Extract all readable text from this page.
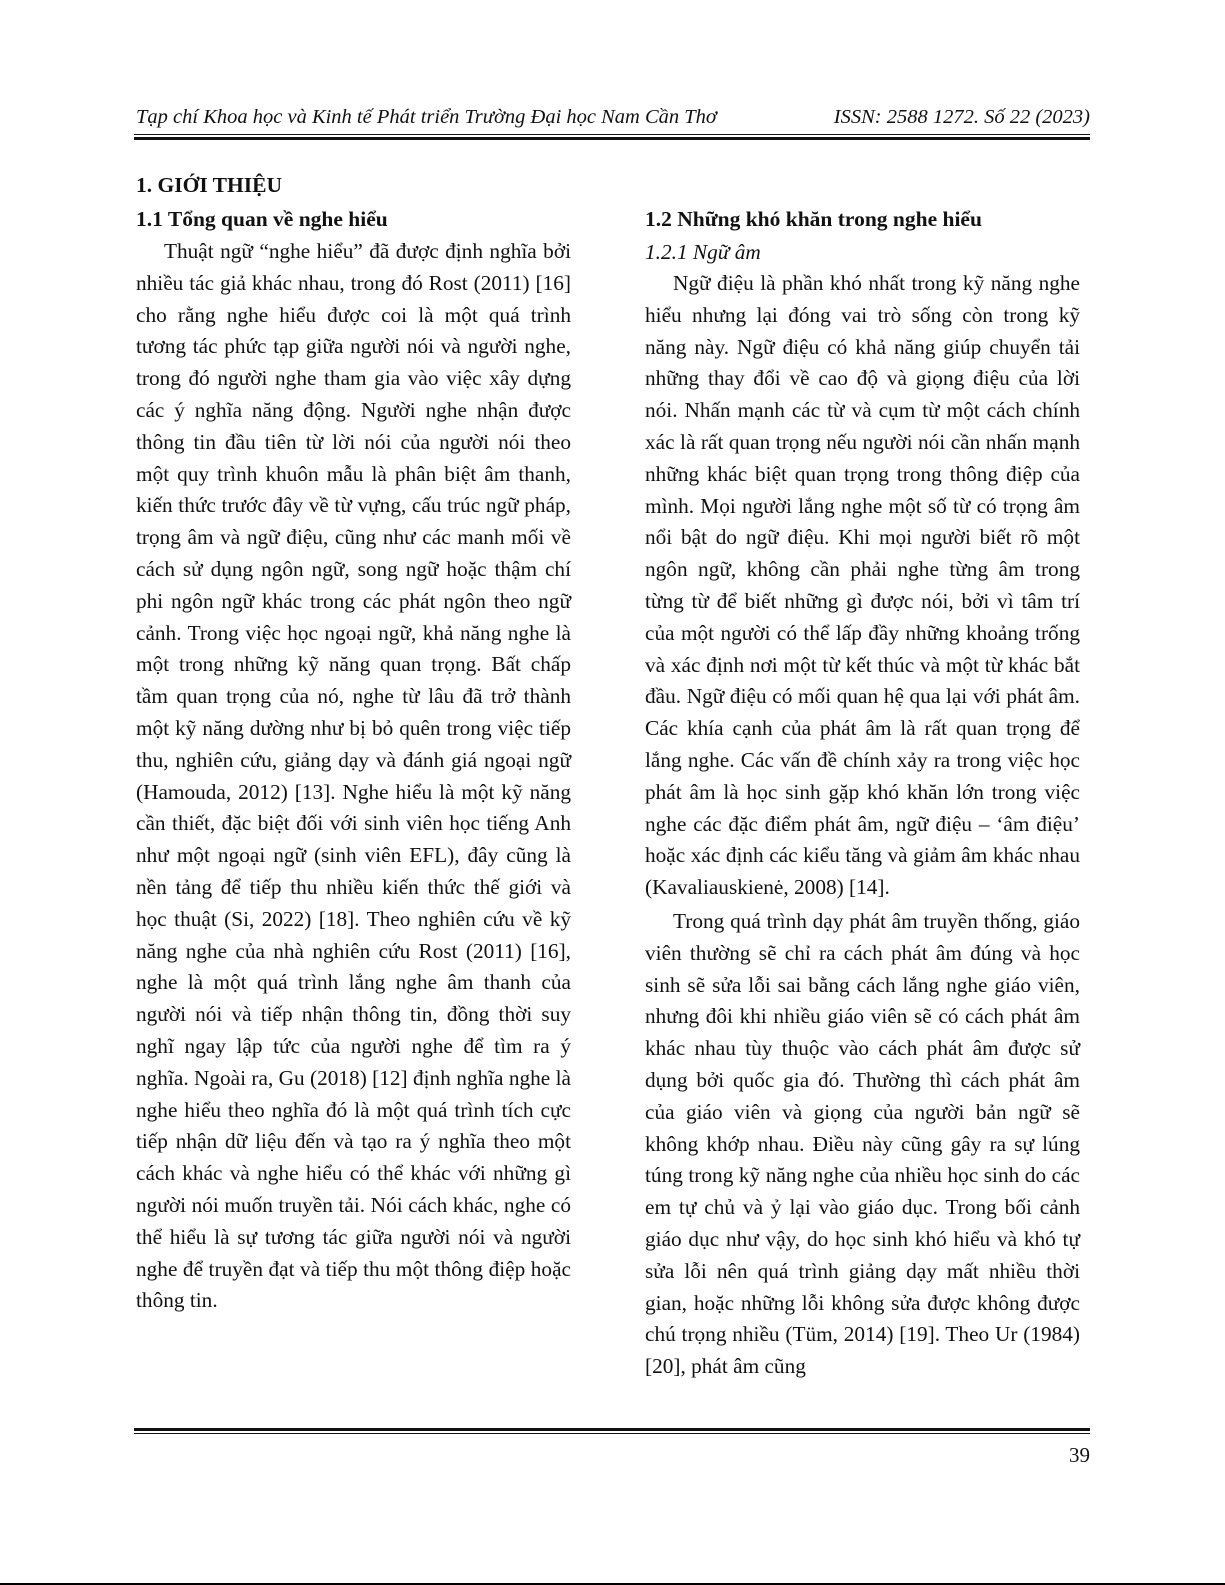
Tạp chí Khoa học và Kinh tế Phát triển Trường Đại học Nam Cần Thơ	ISSN: 2588 1272. Số 22 (2023)
1. GIỚI THIỆU
1.1 Tổng quan về nghe hiểu

Thuật ngữ “nghe hiểu” đã được định nghĩa bởi nhiều tác giả khác nhau, trong đó Rost (2011) [16] cho rằng nghe hiểu được coi là một quá trình tương tác phức tạp giữa người nói và người nghe, trong đó người nghe tham gia vào việc xây dựng các ý nghĩa năng động. Người nghe nhận được thông tin đầu tiên từ lời nói của người nói theo một quy trình khuôn mẫu là phân biệt âm thanh, kiến thức trước đây về từ vựng, cấu trúc ngữ pháp, trọng âm và ngữ điệu, cũng như các manh mối về cách sử dụng ngôn ngữ, song ngữ hoặc thậm chí phi ngôn ngữ khác trong các phát ngôn theo ngữ cảnh. Trong việc học ngoại ngữ, khả năng nghe là một trong những kỹ năng quan trọng. Bất chấp tầm quan trọng của nó, nghe từ lâu đã trở thành một kỹ năng dường như bị bỏ quên trong việc tiếp thu, nghiên cứu, giảng dạy và đánh giá ngoại ngữ (Hamouda, 2012) [13]. Nghe hiểu là một kỹ năng cần thiết, đặc biệt đối với sinh viên học tiếng Anh như một ngoại ngữ (sinh viên EFL), đây cũng là nền tảng để tiếp thu nhiều kiến thức thế giới và học thuật (Si, 2022) [18]. Theo nghiên cứu về kỹ năng nghe của nhà nghiên cứu Rost (2011) [16], nghe là một quá trình lắng nghe âm thanh của người nói và tiếp nhận thông tin, đồng thời suy nghĩ ngay lập tức của người nghe để tìm ra ý nghĩa. Ngoài ra, Gu (2018) [12] định nghĩa nghe là nghe hiểu theo nghĩa đó là một quá trình tích cực tiếp nhận dữ liệu đến và tạo ra ý nghĩa theo một cách khác và nghe hiểu có thể khác với những gì người nói muốn truyền tải. Nói cách khác, nghe có thể hiểu là sự tương tác giữa người nói và người nghe để truyền đạt và tiếp thu một thông điệp hoặc thông tin.

1.2 Những khó khăn trong nghe hiểu
1.2.1 Ngữ âm

Ngữ điệu là phần khó nhất trong kỹ năng nghe hiểu nhưng lại đóng vai trò sống còn trong kỹ năng này. Ngữ điệu có khả năng giúp chuyển tải những thay đổi về cao độ và giọng điệu của lời nói. Nhấn mạnh các từ và cụm từ một cách chính xác là rất quan trọng nếu người nói cần nhấn mạnh những khác biệt quan trọng trong thông điệp của mình. Mọi người lắng nghe một số từ có trọng âm nổi bật do ngữ điệu. Khi mọi người biết rõ một ngôn ngữ, không cần phải nghe từng âm trong từng từ để biết những gì được nói, bởi vì tâm trí của một người có thể lấp đầy những khoảng trống và xác định nơi một từ kết thúc và một từ khác bắt đầu. Ngữ điệu có mối quan hệ qua lại với phát âm. Các khía cạnh của phát âm là rất quan trọng để lắng nghe. Các vấn đề chính xảy ra trong việc học phát âm là học sinh gặp khó khăn lớn trong việc nghe các đặc điểm phát âm, ngữ điệu – ‘âm điệu’ hoặc xác định các kiểu tăng và giảm âm khác nhau (Kavaliauskienė, 2008) [14].

Trong quá trình dạy phát âm truyền thống, giáo viên thường sẽ chỉ ra cách phát âm đúng và học sinh sẽ sửa lỗi sai bằng cách lắng nghe giáo viên, nhưng đôi khi nhiều giáo viên sẽ có cách phát âm khác nhau tùy thuộc vào cách phát âm được sử dụng bởi quốc gia đó. Thường thì cách phát âm của giáo viên và giọng của người bản ngữ sẽ không khớp nhau. Điều này cũng gây ra sự lúng túng trong kỹ năng nghe của nhiều học sinh do các em tự chủ và ỷ lại vào giáo dục. Trong bối cảnh giáo dục như vậy, do học sinh khó hiểu và khó tự sửa lỗi nên quá trình giảng dạy mất nhiều thời gian, hoặc những lỗi không sửa được không được chú trọng nhiều (Tüm, 2014) [19]. Theo Ur (1984) [20], phát âm cũng

39
